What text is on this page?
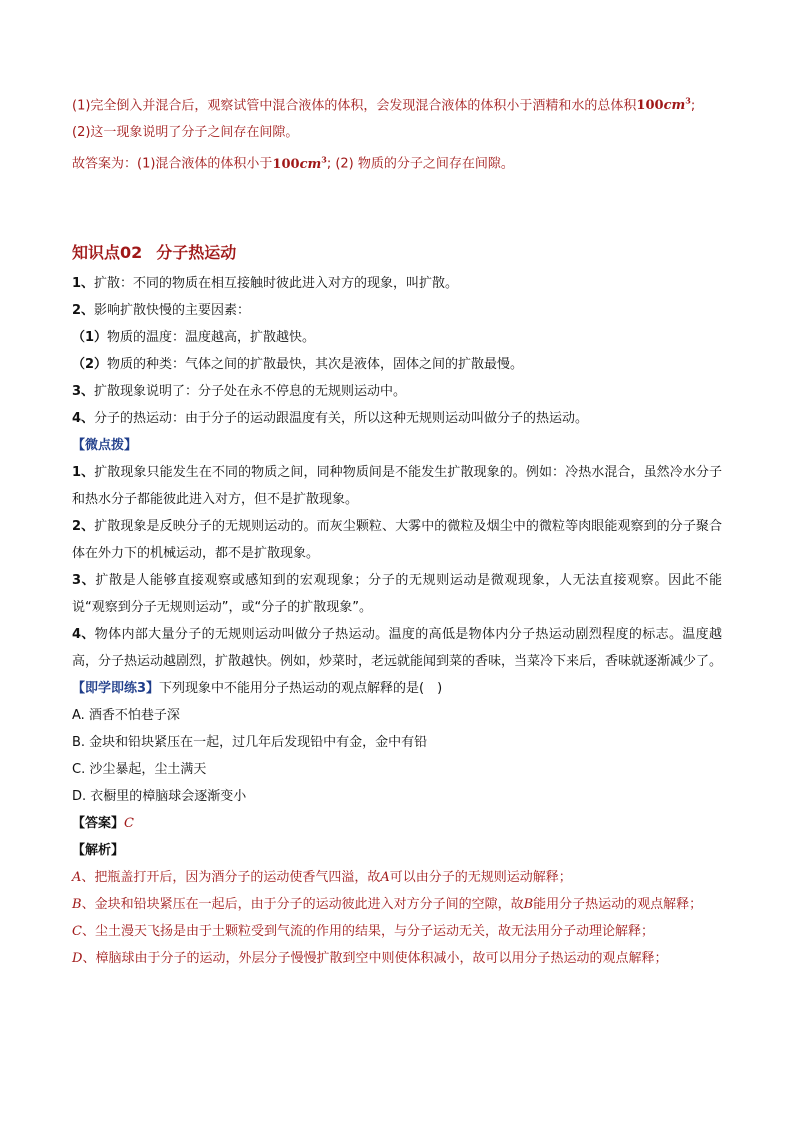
(1)完全倒入并混合后，观察试管中混合液体的体积，会发现混合液体的体积小于酒精和水的总体积$100cm^3$;
(2)这一现象说明了分子之间存在间隙。
故答案为：(1)混合液体的体积小于$100cm^3$; (2) 物质的分子之间存在间隙。
知识点02 分子热运动
1、扩散：不同的物质在相互接触时彼此进入对方的现象，叫扩散。
2、影响扩散快慢的主要因素：
（1）物质的温度：温度越高，扩散越快。
（2）物质的种类：气体之间的扩散最快，其次是液体，固体之间的扩散最慢。
3、扩散现象说明了：分子处在永不停息的无规则运动中。
4、分子的热运动：由于分子的运动跟温度有关，所以这种无规则运动叫做分子的热运动。
【微点拨】
1、扩散现象只能发生在不同的物质之间，同种物质间是不能发生扩散现象的。例如：冷热水混合，虽然冷水分子和热水分子都能彼此进入对方，但不是扩散现象。
2、扩散现象是反映分子的无规则运动的。而灰尘颗粒、大雾中的微粒及烟尘中的微粒等肉眼能观察到的分子聚合体在外力下的机械运动，都不是扩散现象。
3、扩散是人能够直接观察或感知到的宏观现象；分子的无规则运动是微观现象，人无法直接观察。因此不能说“观察到分子无规则运动”，或“分子的扩散现象”。
4、物体内部大量分子的无规则运动叫做分子热运动。温度的高低是物体内分子热运动剧烈程度的标志。温度越高，分子热运动越剧烈，扩散越快。例如，炒菜时，老远就能闻到菜的香味，当菜冷下来后，香味就逐渐减少了。
【即学即练3】下列现象中不能用分子热运动的观点解释的是(　)
A. 酒香不怕巷子深
B. 金块和铅块紧压在一起，过几年后发现铅中有金，金中有铅
C. 沙尘暴起，尘土满天
D. 衣橱里的樟脑球会逐渐变小
【答案】C
【解析】
A、把瓶盖打开后，因为酒分子的运动使香气四溢，故A可以由分子的无规则运动解释；
B、金块和铅块紧压在一起后，由于分子的运动彼此进入对方分子间的空隙，故B能用分子热运动的观点解释；
C、尘土漫天飞扬是由于土颗粒受到气流的作用的结果，与分子运动无关，故无法用分子动理论解释；
D、樟脑球由于分子的运动，外层分子慢慢扩散到空中则使体积减小，故可以用分子热运动的观点解释；
